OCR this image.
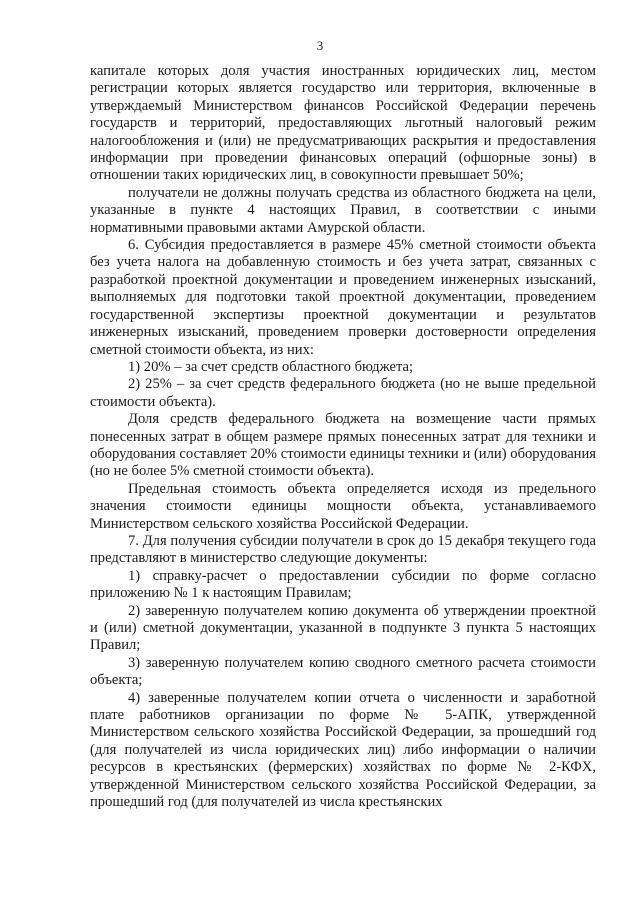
3

капитале которых доля участия иностранных юридических лиц, местом регистрации которых является государство или территория, включенные в утверждаемый Министерством финансов Российской Федерации перечень государств и территорий, предоставляющих льготный налоговый режим налогообложения и (или) не предусматривающих раскрытия и предоставления информации при проведении финансовых операций (офшорные зоны) в отношении таких юридических лиц, в совокупности превышает 50%;

получатели не должны получать средства из областного бюджета на цели, указанные в пункте 4 настоящих Правил, в соответствии с иными нормативными правовыми актами Амурской области.

6. Субсидия предоставляется в размере 45% сметной стоимости объекта без учета налога на добавленную стоимость и без учета затрат, связанных с разработкой проектной документации и проведением инженерных изысканий, выполняемых для подготовки такой проектной документации, проведением государственной экспертизы проектной документации и результатов инженерных изысканий, проведением проверки достоверности определения сметной стоимости объекта, из них:

1) 20% – за счет средств областного бюджета;

2) 25% – за счет средств федерального бюджета (но не выше предельной стоимости объекта).

Доля средств федерального бюджета на возмещение части прямых понесенных затрат в общем размере прямых понесенных затрат для техники и оборудования составляет 20% стоимости единицы техники и (или) оборудования (но не более 5% сметной стоимости объекта).

Предельная стоимость объекта определяется исходя из предельного значения стоимости единицы мощности объекта, устанавливаемого Министерством сельского хозяйства Российской Федерации.

7. Для получения субсидии получатели в срок до 15 декабря текущего года представляют в министерство следующие документы:

1) справку-расчет о предоставлении субсидии по форме согласно приложению № 1 к настоящим Правилам;

2) заверенную получателем копию документа об утверждении проектной и (или) сметной документации, указанной в подпункте 3 пункта 5 настоящих Правил;

3) заверенную получателем копию сводного сметного расчета стоимости объекта;

4) заверенные получателем копии отчета о численности и заработной плате работников организации по форме № 5-АПК, утвержденной Министерством сельского хозяйства Российской Федерации, за прошедший год (для получателей из числа юридических лиц) либо информации о наличии ресурсов в крестьянских (фермерских) хозяйствах по форме № 2-КФХ, утвержденной Министерством сельского хозяйства Российской Федерации, за прошедший год (для получателей из числа крестьянских
